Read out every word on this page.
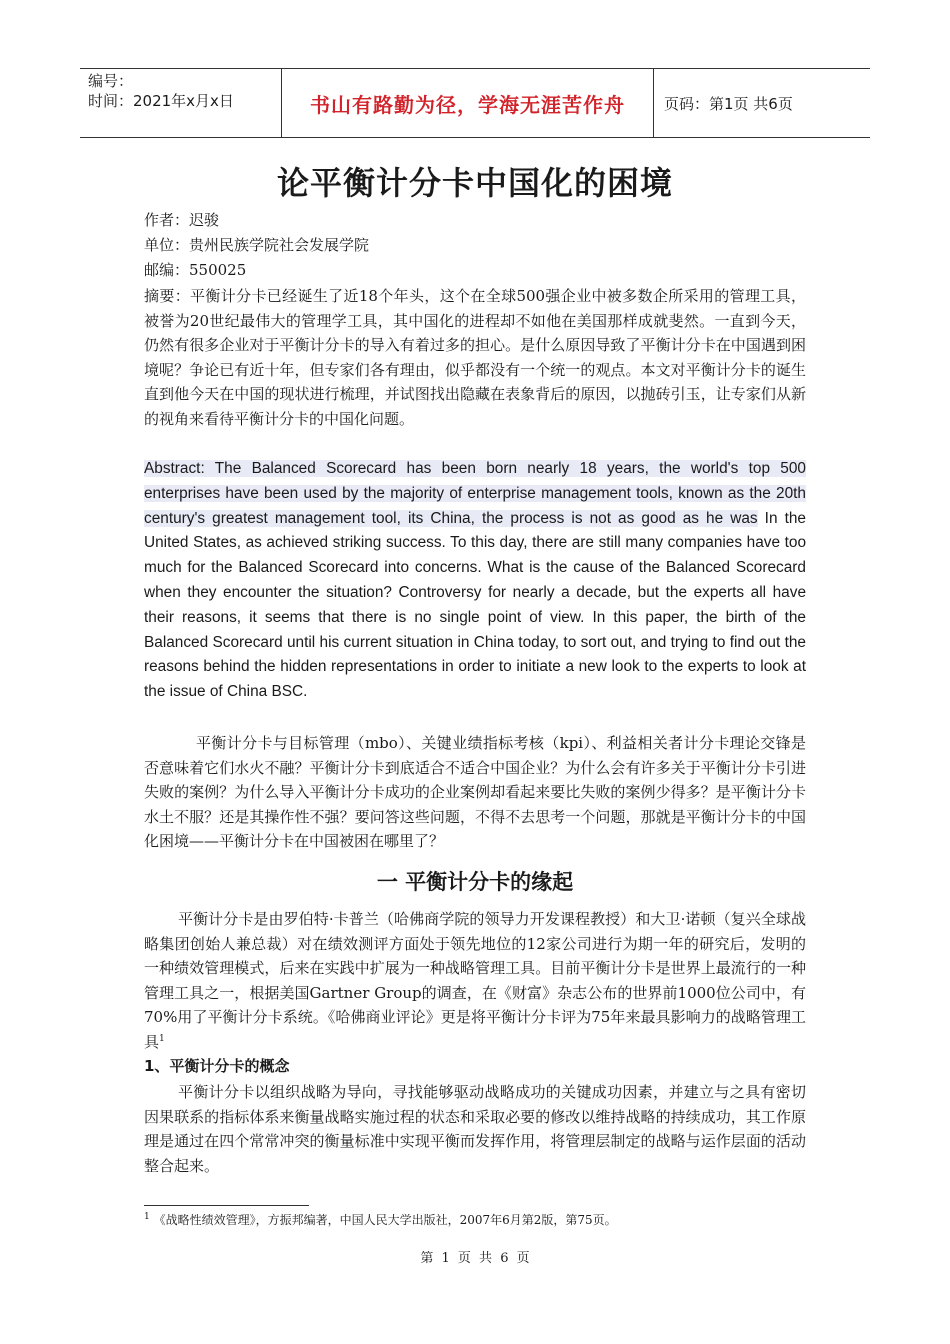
编号：
时间：2021年x月x日	书山有路勤为径，学海无涯苦作舟	页码：第1页 共6页
论平衡计分卡中国化的困境
作者：迟骏
单位：贵州民族学院社会发展学院
邮编：550025
摘要：平衡计分卡已经诞生了近18个年头，这个在全球500强企业中被多数企所采用的管理工具，被誉为20世纪最伟大的管理学工具，其中国化的进程却不如他在美国那样成就斐然。一直到今天，仍然有很多企业对于平衡计分卡的导入有着过多的担心。是什么原因导致了平衡计分卡在中国遇到困境呢？争论已有近十年，但专家们各有理由，似乎都没有一个统一的观点。本文对平衡计分卡的诞生直到他今天在中国的现状进行梳理，并试图找出隐藏在表象背后的原因，以抛砖引玉，让专家们从新的视角来看待平衡计分卡的中国化问题。
Abstract: The Balanced Scorecard has been born nearly 18 years, the world's top 500 enterprises have been used by the majority of enterprise management tools, known as the 20th century's greatest management tool, its China, the process is not as good as he was In the United States, as achieved striking success. To this day, there are still many companies have too much for the Balanced Scorecard into concerns. What is the cause of the Balanced Scorecard when they encounter the situation? Controversy for nearly a decade, but the experts all have their reasons, it seems that there is no single point of view. In this paper, the birth of the Balanced Scorecard until his current situation in China today, to sort out, and trying to find out the reasons behind the hidden representations in order to initiate a new look to the experts to look at the issue of China BSC.
平衡计分卡与目标管理（mbo）、关键业绩指标考核（kpi）、利益相关者计分卡理论交锋是否意味着它们水火不融？平衡计分卡到底适合不适合中国企业？为什么会有许多关于平衡计分卡引进失败的案例？为什么导入平衡计分卡成功的企业案例却看起来要比失败的案例少得多？是平衡计分卡水土不服？还是其操作性不强？要问答这些问题，不得不去思考一个问题，那就是平衡计分卡的中国化困境——平衡计分卡在中国被困在哪里了？
一 平衡计分卡的缘起
平衡计分卡是由罗伯特·卡普兰（哈佛商学院的领导力开发课程教授）和大卫·诺顿（复兴全球战略集团创始人兼总裁）对在绩效测评方面处于领先地位的12家公司进行为期一年的研究后，发明的一种绩效管理模式，后来在实践中扩展为一种战略管理工具。目前平衡计分卡是世界上最流行的一种管理工具之一，根据美国Gartner Group的调查，在《财富》杂志公布的世界前1000位公司中，有70%用了平衡计分卡系统。《哈佛商业评论》更是将平衡计分卡评为75年来最具影响力的战略管理工具$^1$
1、平衡计分卡的概念
平衡计分卡以组织战略为导向，寻找能够驱动战略成功的关键成功因素，并建立与之具有密切因果联系的指标体系来衡量战略实施过程的状态和采取必要的修改以维持战略的持续成功，其工作原理是通过在四个常常冲突的衡量标准中实现平衡而发挥作用，将管理层制定的战略与运作层面的活动整合起来。
$^1$ 《战略性绩效管理》，方振邦编著，中国人民大学出版社，2007年6月第2版，第75页。
第 1 页 共 6 页
